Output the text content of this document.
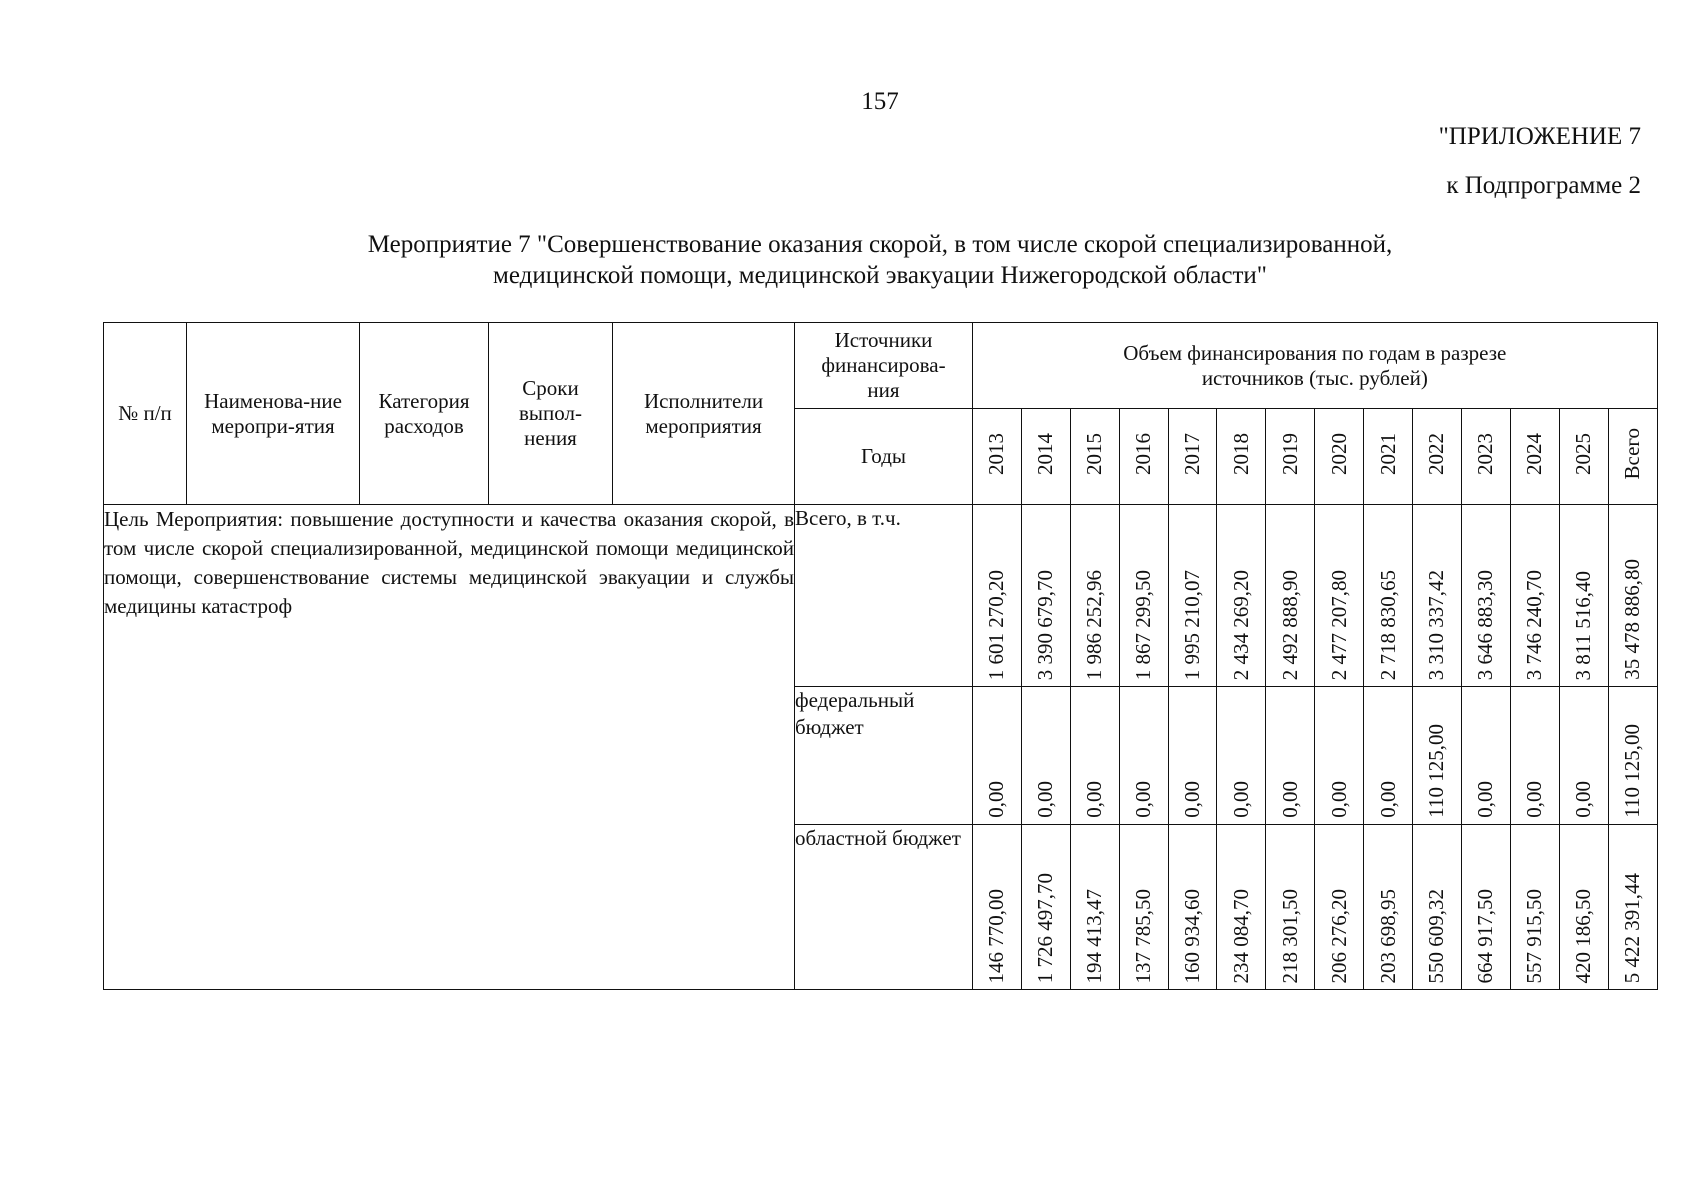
157
"ПРИЛОЖЕНИЕ 7
к Подпрограмме 2
Мероприятие 7 "Совершенствование оказания скорой, в том числе скорой специализированной,
медицинской помощи, медицинской эвакуации Нижегородской области"
№ п/п	Наименова-ние меропри-ятия	Категория расходов	Сроки выпол-нения	Исполнители мероприятия	Источники финансирова-ния	Объем финансирования по годам в разрезе источников (тыс. рублей)													
					Годы	2013	2014	2015	2016	2017	2018	2019	2020	2021	2022	2023	2024	2025	Всего
Цель Мероприятия: повышение доступности и качества оказания скорой, в том числе скорой специализированной, медицинской помощи медицинской помощи, совершенствование системы медицинской эвакуации и службы медицины катастроф					Всего, в т.ч.	1 601 270,20	3 390 679,70	1 986 252,96	1 867 299,50	1 995 210,07	2 434 269,20	2 492 888,90	2 477 207,80	2 718 830,65	3 310 337,42	3 646 883,30	3 746 240,70	3 811 516,40	35 478 886,80
					федеральный бюджет	0,00	0,00	0,00	0,00	0,00	0,00	0,00	0,00	0,00	110 125,00	0,00	0,00	0,00	110 125,00
					областной бюджет	146 770,00	1 726 497,70	194 413,47	137 785,50	160 934,60	234 084,70	218 301,50	206 276,20	203 698,95	550 609,32	664 917,50	557 915,50	420 186,50	5 422 391,44
